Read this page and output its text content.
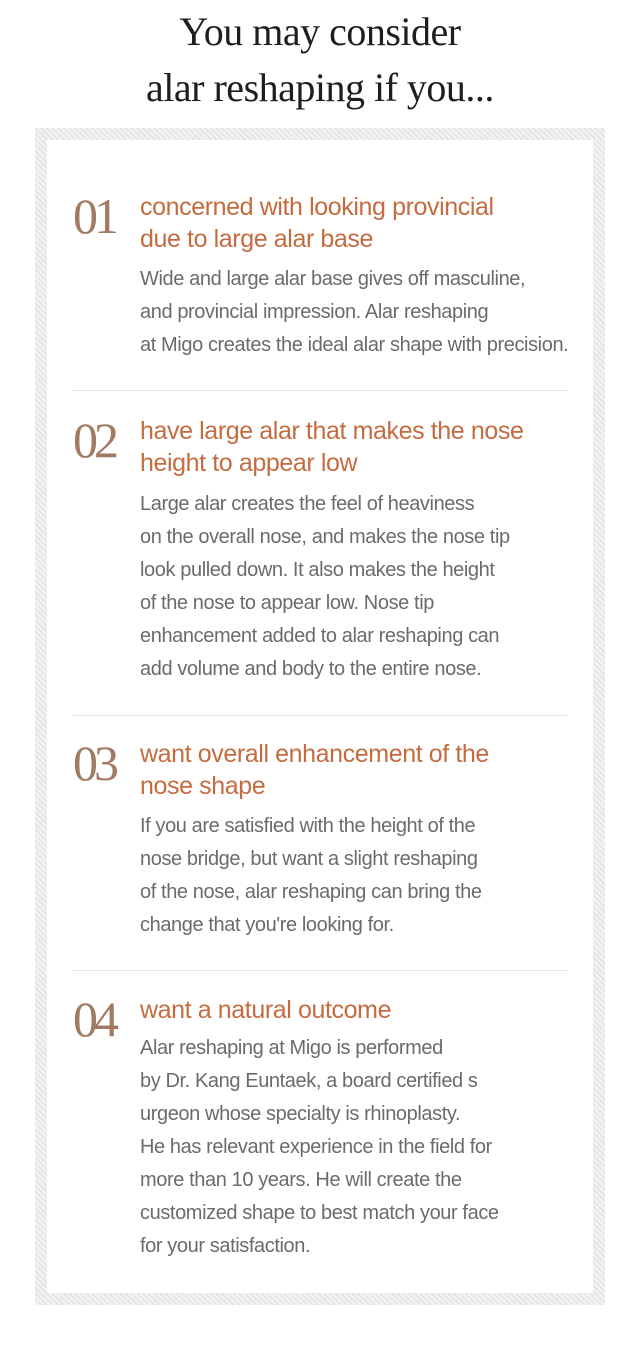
You may consider
alar reshaping if you...
01 concerned with looking provincial
due to large alar base
Wide and large alar base gives off masculine,
and provincial impression. Alar reshaping
at Migo creates the ideal alar shape with precision.
02 have large alar that makes the nose
height to appear low
Large alar creates the feel of heaviness
on the overall nose, and makes the nose tip
look pulled down. It also makes the height
of the nose to appear low. Nose tip
enhancement added to alar reshaping can
add volume and body to the entire nose.
03 want overall enhancement of the
nose shape
If you are satisfied with the height of the
nose bridge, but want a slight reshaping
of the nose, alar reshaping can bring the
change that you're looking for.
04 want a natural outcome
Alar reshaping at Migo is performed
by Dr. Kang Euntaek, a board certified s
urgeon whose specialty is rhinoplasty.
He has relevant experience in the field for
more than 10 years. He will create the
customized shape to best match your face
for your satisfaction.
